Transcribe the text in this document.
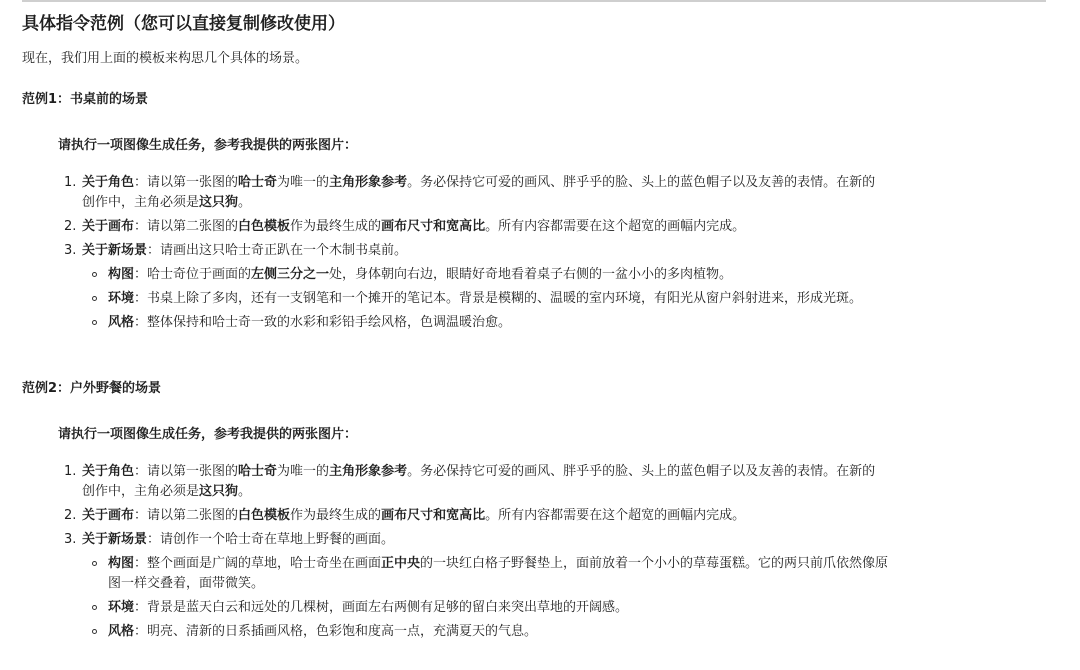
具体指令范例（您可以直接复制修改使用）
现在，我们用上面的模板来构思几个具体的场景。
范例1：书桌前的场景
请执行一项图像生成任务，参考我提供的两张图片：
1. 关于角色：请以第一张图的哈士奇为唯一的主角形象参考。务必保持它可爱的画风、胖乎乎的脸、头上的蓝色帽子以及友善的表情。在新的
创作中，主角必须是这只狗。
2. 关于画布：请以第二张图的白色模板作为最终生成的画布尺寸和宽高比。所有内容都需要在这个超宽的画幅内完成。
3. 关于新场景：请画出这只哈士奇正趴在一个木制书桌前。
构图：哈士奇位于画面的左侧三分之一处，身体朝向右边，眼睛好奇地看着桌子右侧的一盆小小的多肉植物。
环境：书桌上除了多肉，还有一支钢笔和一个摊开的笔记本。背景是模糊的、温暖的室内环境，有阳光从窗户斜射进来，形成光斑。
风格：整体保持和哈士奇一致的水彩和彩铅手绘风格，色调温暖治愈。
范例2：户外野餐的场景
请执行一项图像生成任务，参考我提供的两张图片：
1. 关于角色：请以第一张图的哈士奇为唯一的主角形象参考。务必保持它可爱的画风、胖乎乎的脸、头上的蓝色帽子以及友善的表情。在新的
创作中，主角必须是这只狗。
2. 关于画布：请以第二张图的白色模板作为最终生成的画布尺寸和宽高比。所有内容都需要在这个超宽的画幅内完成。
3. 关于新场景：请创作一个哈士奇在草地上野餐的画面。
构图：整个画面是广阔的草地，哈士奇坐在画面正中央的一块红白格子野餐垫上，面前放着一个小小的草莓蛋糕。它的两只前爪依然像原
图一样交叠着，面带微笑。
环境：背景是蓝天白云和远处的几棵树，画面左右两侧有足够的留白来突出草地的开阔感。
风格：明亮、清新的日系插画风格，色彩饱和度高一点，充满夏天的气息。
